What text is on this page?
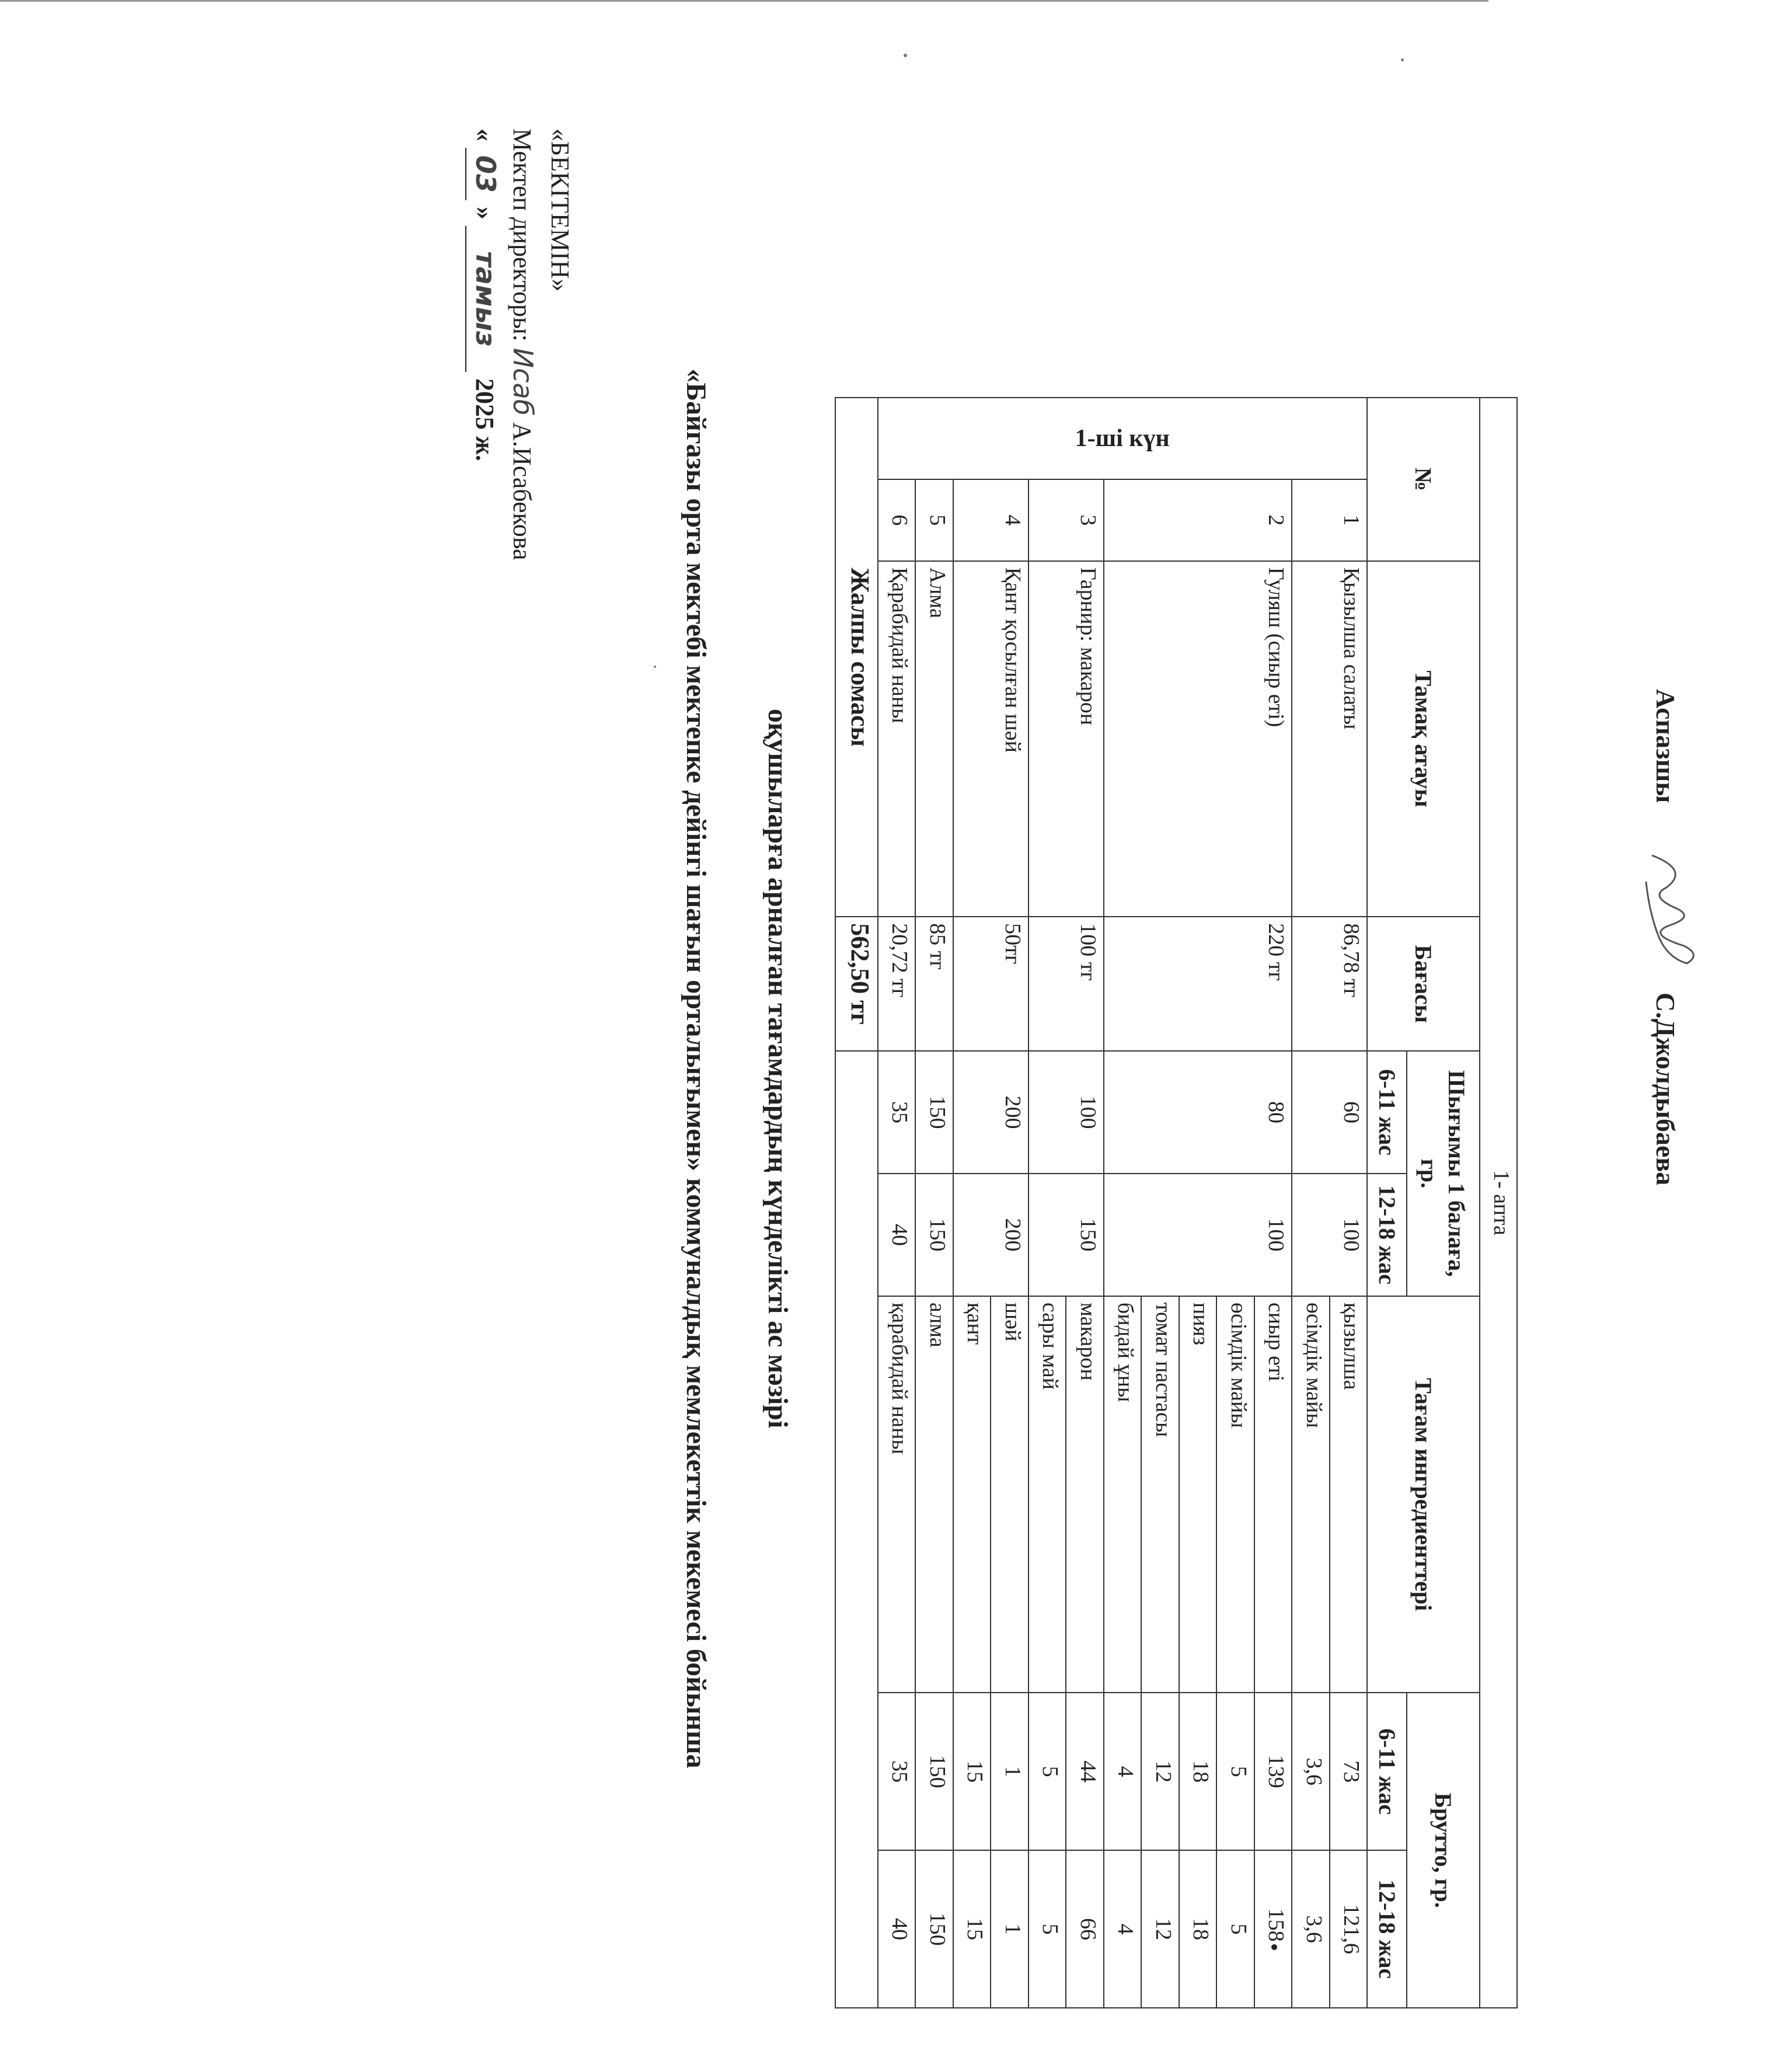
«БЕКІТЕМІН»
Мектеп директоры: Исаб А.Исабекова
« 03 » тамыз 2025 ж.	«Байгазы орта мектебі мектепке дейінгі шағын орталығымен» коммуналдық мемлекеттік мекемесі бойынша оқушыларға арналған тағамдардың күнделікті ас мәзірі	1- апта								
№		Тамақ атауы	Бағасы	Шығымы 1 балаға, гр.		Тағам ингредиенттері	Брутто, гр.	
				6-11 жас	12-18 жас		6-11 жас	12-18 жас
1-ші күн	1	Қызылша салаты	86,78 тг	60	100	қызылша	73	121,6
						өсімдік майы	3,6	3,6
	2	Гуляш (сиыр еті)	220 тг	80	100	сиыр еті	139	158
						өсімдік майы	5	5
						пияз	18	18
						томат пастасы	12	12
						бидай ұны	4	4
	3	Гарнир: макарон	100 тг	100	150	макарон	44	66
						сары май	5	5
	4	Қант қосылған шәй	50тг	200	200	шәй	1	1
						қант	15	15
	5	Алма	85 тг	150	150	алма	150	150
	6	Қарабидай наны	20,72 тг	35	40	қарабидай наны	35	40
Жалпы сомасы			562,50 тг					
Аспазшы
С.Джолдыбаева
